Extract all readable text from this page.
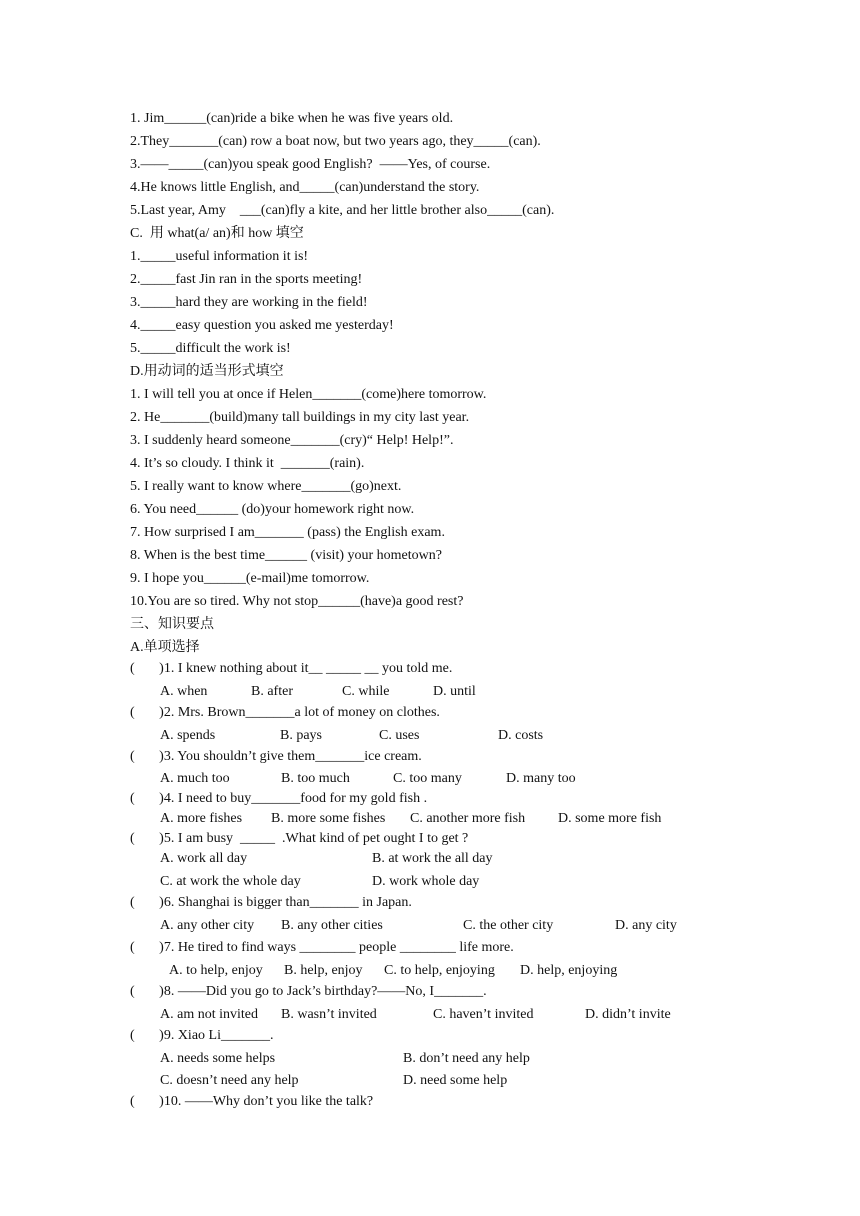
1. Jim______(can)ride a bike when he was five years old.
2.They_______(can) row a boat now, but two years ago, they_____(can).
3.——_____(can)you speak good English?  ——Yes, of course.
4.He knows little English, and_____(can)understand the story.
5.Last year, Amy    ___(can)fly a kite, and her little brother also_____(can).
C.  用 what(a/ an)和 how 填空
1._____useful information it is!
2._____fast Jin ran in the sports meeting!
3._____hard they are working in the field!
4._____easy question you asked me yesterday!
5._____difficult the work is!
D.用动词的适当形式填空
1. I will tell you at once if Helen_______(come)here tomorrow.
2. He_______(build)many tall buildings in my city last year.
3. I suddenly heard someone_______(cry)“ Help! Help!”.
4. It’s so cloudy. I think it  _______(rain).
5. I really want to know where_______(go)next.
6. You need______ (do)your homework right now.
7. How surprised I am_______ (pass) the English exam.
8. When is the best time______ (visit) your hometown?
9. I hope you______(e-mail)me tomorrow.
10.You are so tired. Why not stop______(have)a good rest?
三、知识要点
A.单项选择
(       )1. I knew nothing about it__ _____ __ you told me.
A. when	B. after	C. while	D. until
(       )2. Mrs. Brown_______a lot of money on clothes.
A. spends	B. pays	C. uses	D. costs
(       )3. You shouldn’t give them_______ice cream.
A. much too	B. too much	C. too many	D. many too
(       )4. I need to buy_______food for my gold fish .
A. more fishes B. more some fishes C. another more fish D. some more fish
(       )5. I am busy  _____  .What kind of pet ought I to get ?
A. work all day	B. at work the all day
C. at work the whole day	D. work whole day
(       )6. Shanghai is bigger than_______ in Japan.
A. any other city B. any other cities	C. the other city	D. any city
(       )7. He tired to find ways ________ people ________ life more.
A. to help, enjoy B. help, enjoy C. to help, enjoying D. help, enjoying
(       )8. ——Did you go to Jack’s birthday?——No, I_______.
A. am not invited B. wasn’t invited	C. haven’t invited	D. didn’t invite
(       )9. Xiao Li_______.
A. needs some helps	B. don’t need any help
C. doesn’t need any help	D. need some help
(       )10. ——Why don’t you like the talk?
